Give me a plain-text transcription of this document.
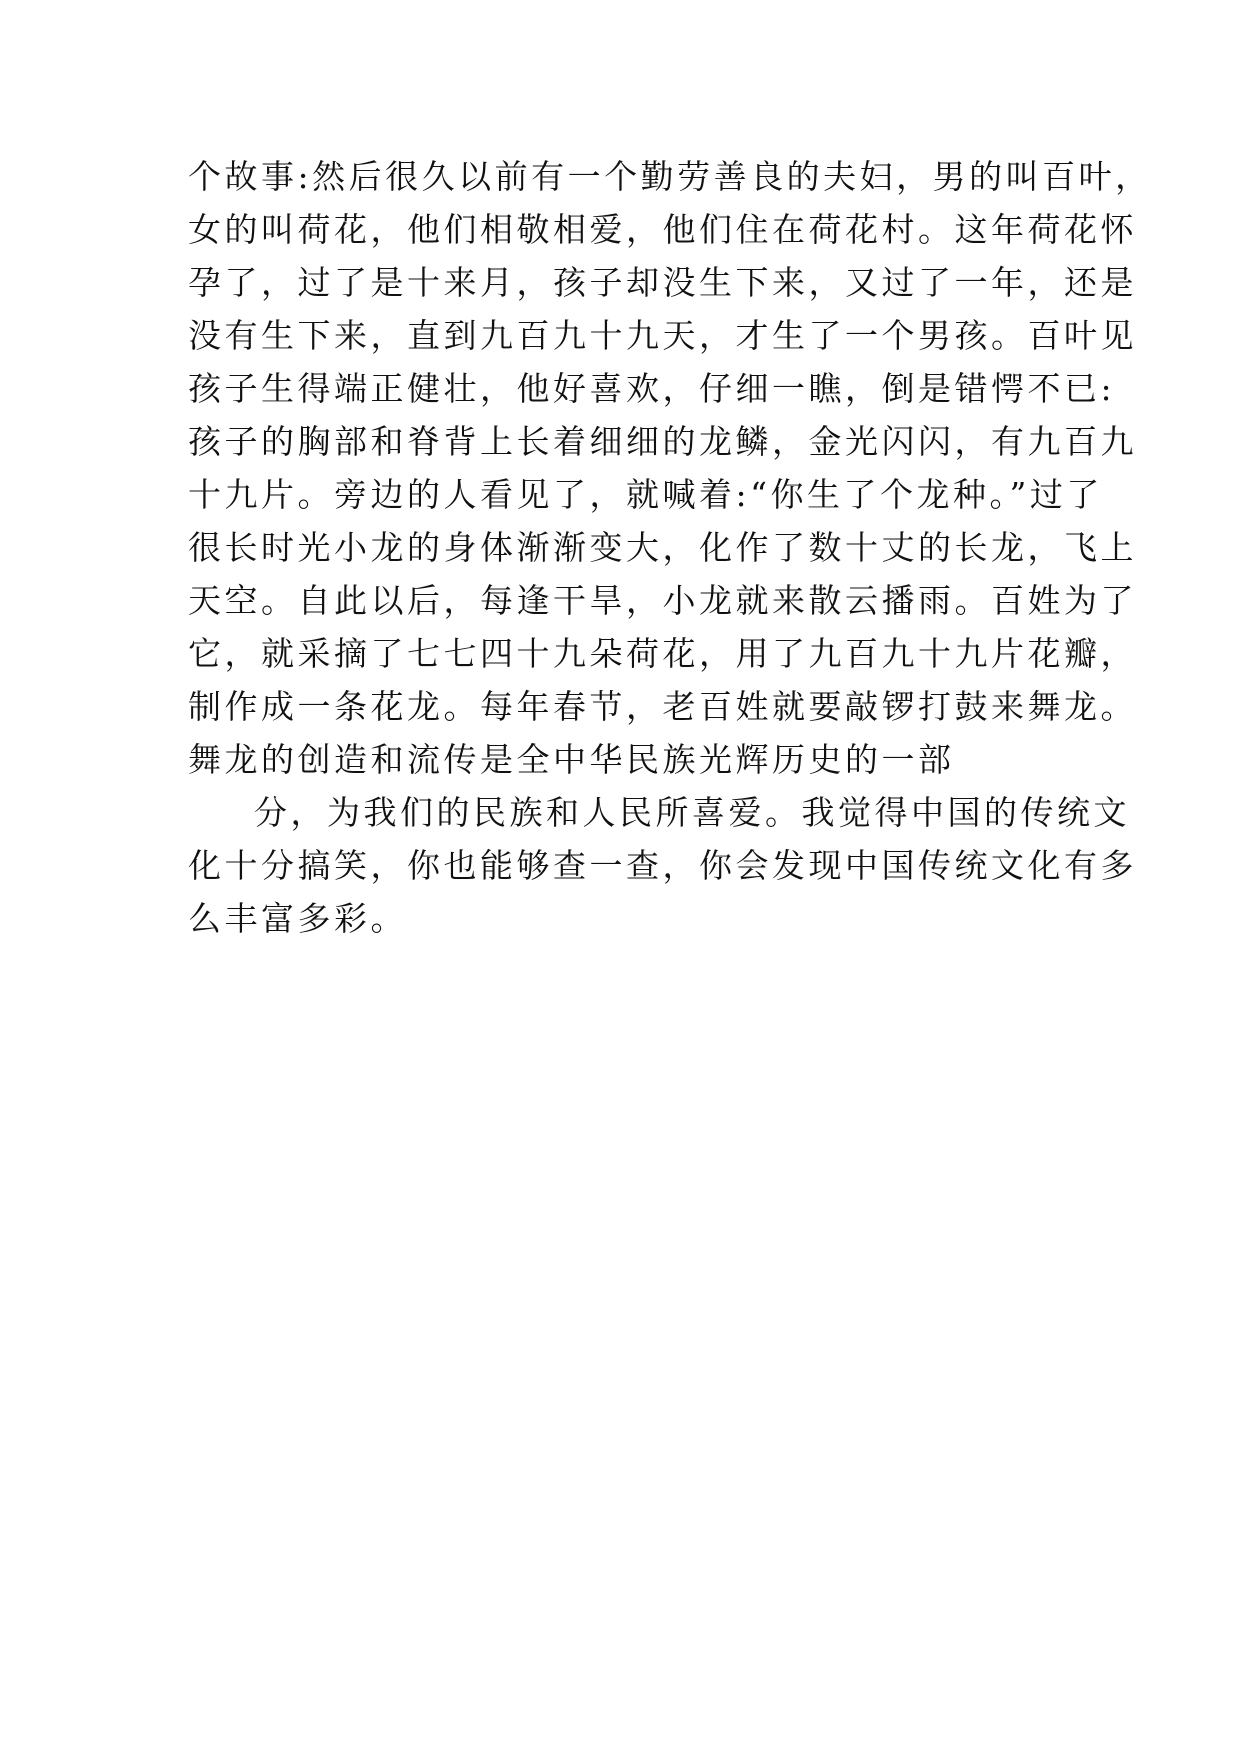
个故事:然后很久以前有一个勤劳善良的夫妇，男的叫百叶，
女的叫荷花，他们相敬相爱，他们住在荷花村。这年荷花怀
孕了，过了是十来月，孩子却没生下来，又过了一年，还是
没有生下来，直到九百九十九天，才生了一个男孩。百叶见
孩子生得端正健壮，他好喜欢，仔细一瞧，倒是错愕不已:
孩子的胸部和脊背上长着细细的龙鳞，金光闪闪，有九百九
十九片。旁边的人看见了，就喊着:“你生了个龙种。”过了
很长时光小龙的身体渐渐变大，化作了数十丈的长龙，飞上
天空。自此以后，每逢干旱，小龙就来散云播雨。百姓为了
它，就采摘了七七四十九朵荷花，用了九百九十九片花瓣，
制作成一条花龙。每年春节，老百姓就要敲锣打鼓来舞龙。
舞龙的创造和流传是全中华民族光辉历史的一部
分，为我们的民族和人民所喜爱。我觉得中国的传统文
化十分搞笑，你也能够查一查，你会发现中国传统文化有多
么丰富多彩。
